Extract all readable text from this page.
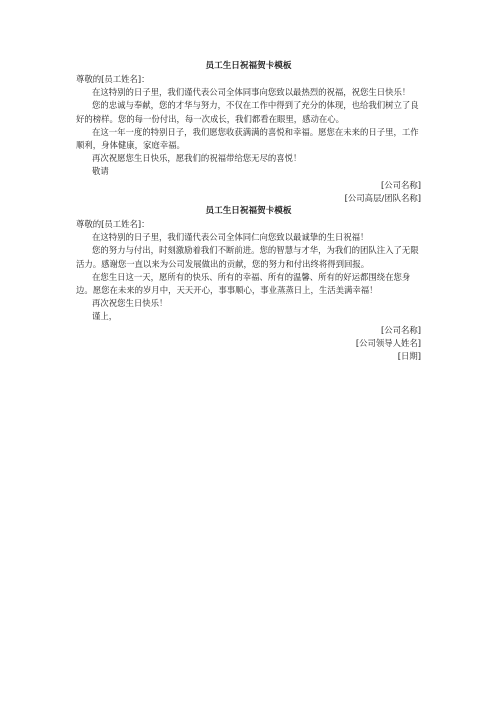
员工生日祝福贺卡模板

尊敬的[员工姓名]：

在这特别的日子里，我们谨代表公司全体同事向您致以最热烈的祝福，祝您生日快乐！

您的忠诚与奉献，您的才华与努力，不仅在工作中得到了充分的体现，也给我们树立了良好的榜样。您的每一份付出，每一次成长，我们都看在眼里，感动在心。

在这一年一度的特别日子，我们愿您收获满满的喜悦和幸福。愿您在未来的日子里，工作顺利，身体健康，家庭幸福。

再次祝愿您生日快乐，愿我们的祝福带给您无尽的喜悦！

敬请

[公司名称]

[公司高层/团队名称]

员工生日祝福贺卡模板

尊敬的[员工姓名]：

在这特别的日子里，我们谨代表公司全体同仁向您致以最诚挚的生日祝福！

您的努力与付出，时刻激励着我们不断前进。您的智慧与才华，为我们的团队注入了无限活力。感谢您一直以来为公司发展做出的贡献，您的努力和付出终将得到回报。

在您生日这一天，愿所有的快乐、所有的幸福、所有的温馨、所有的好运都围绕在您身边。愿您在未来的岁月中，天天开心，事事顺心，事业蒸蒸日上，生活美满幸福！

再次祝您生日快乐！

谨上，

[公司名称]

[公司领导人姓名]

[日期]
